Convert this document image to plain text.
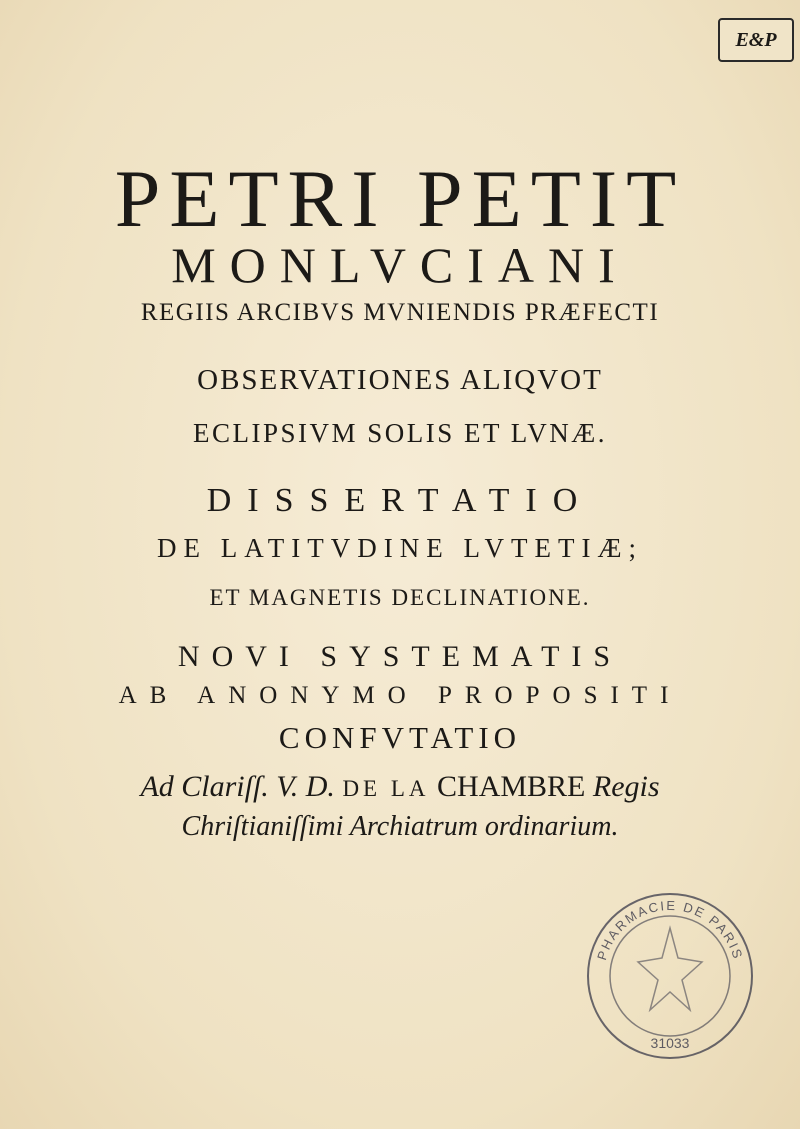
E&P
PETRI PETIT
MONLVCIANI
REGIIS ARCIBVS MVNIENDIS PRÆFECTI
OBSERVATIONES ALIQVOT
ECLIPSIVM SOLIS ET LVNÆ.
DISSERTATIO
DE LATITVDINE LVTETIÆ;
ET MAGNETIS DECLINATIONE.
NOVI SYSTEMATIS
AB ANONYMO PROPOSITI
CONFVTATIO
Ad Clariſſ. V. D. DE LA CHAMBRE Regis
Chriſtianiſſimi Archiatrum ordinarium.
PHARMACIE DE PARIS
31033
